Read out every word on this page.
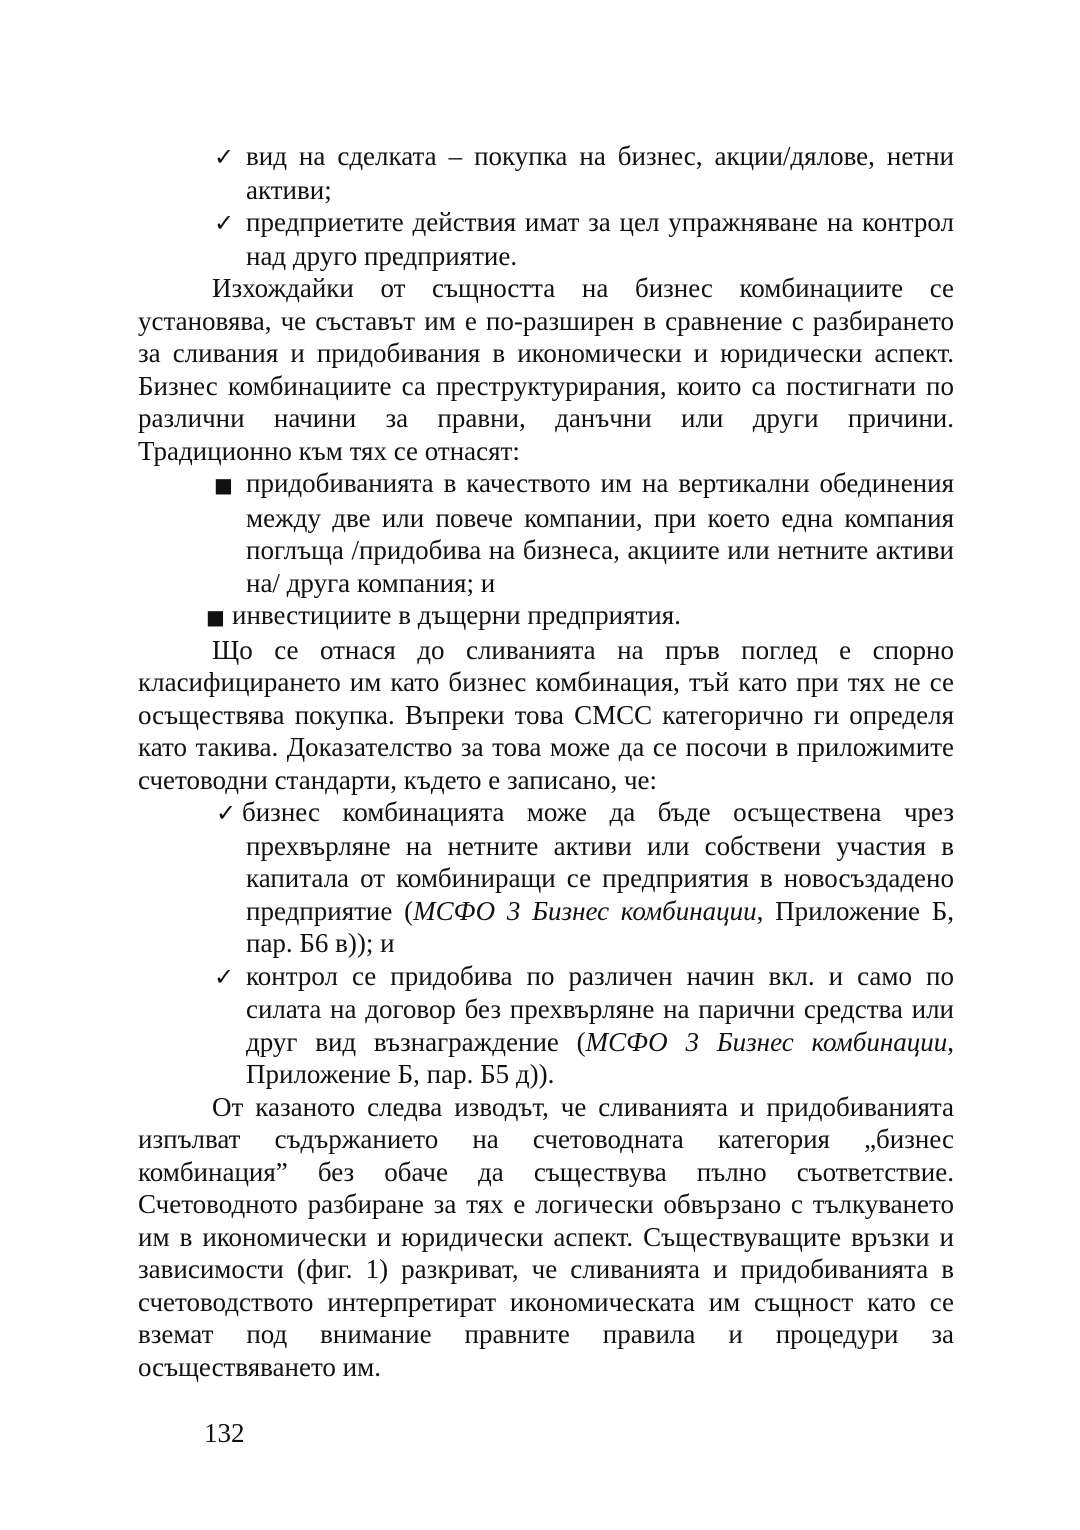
✓ вид на сделката – покупка на бизнес, акции/дялове, нетни активи;

✓ предприетите действия имат за цел упражняване на контрол над друго предприятие.

Изхождайки от същността на бизнес комбинациите се установява, че съставът им е по-разширен в сравнение с разбирането за сливания и придобивания в икономически и юридически аспект. Бизнес комбинациите са преструктурирания, които са постигнати по различни начини за правни, данъчни или други причини. Традиционно към тях се отнасят:

■ придобиванията в качеството им на вертикални обединения между две или повече компании, при което една компания поглъща /придобива на бизнеса, акциите или нетните активи на/ друга компания; и

■ инвестициите в дъщерни предприятия.

Що се отнася до сливанията на пръв поглед е спорно класифицирането им като бизнес комбинация, тъй като при тях не се осъществява покупка. Въпреки това СМСС категорично ги определя като такива. Доказателство за това може да се посочи в приложимите счетоводни стандарти, където е записано, че:

✓ бизнес комбинацията може да бъде осъществена чрез прехвърляне на нетните активи или собствени участия в капитала от комбиниращи се предприятия в новосъздадено предприятие (МСФО 3 Бизнес комбинации, Приложение Б, пар. Б6 в)); и

✓ контрол се придобива по различен начин вкл. и само по силата на договор без прехвърляне на парични средства или друг вид възнаграждение (МСФО 3 Бизнес комбинации, Приложение Б, пар. Б5 д)).

От казаното следва изводът, че сливанията и придобиванията изпълват съдържанието на счетоводната категория „бизнес комбинация” без обаче да съществува пълно съответствие. Счетоводното разбиране за тях е логически обвързано с тълкуването им в икономически и юридически аспект. Съществуващите връзки и зависимости (фиг. 1) разкриват, че сливанията и придобиванията в счетоводството интерпретират икономическата им същност като се вземат под внимание правните правила и процедури за осъществяването им.

132
